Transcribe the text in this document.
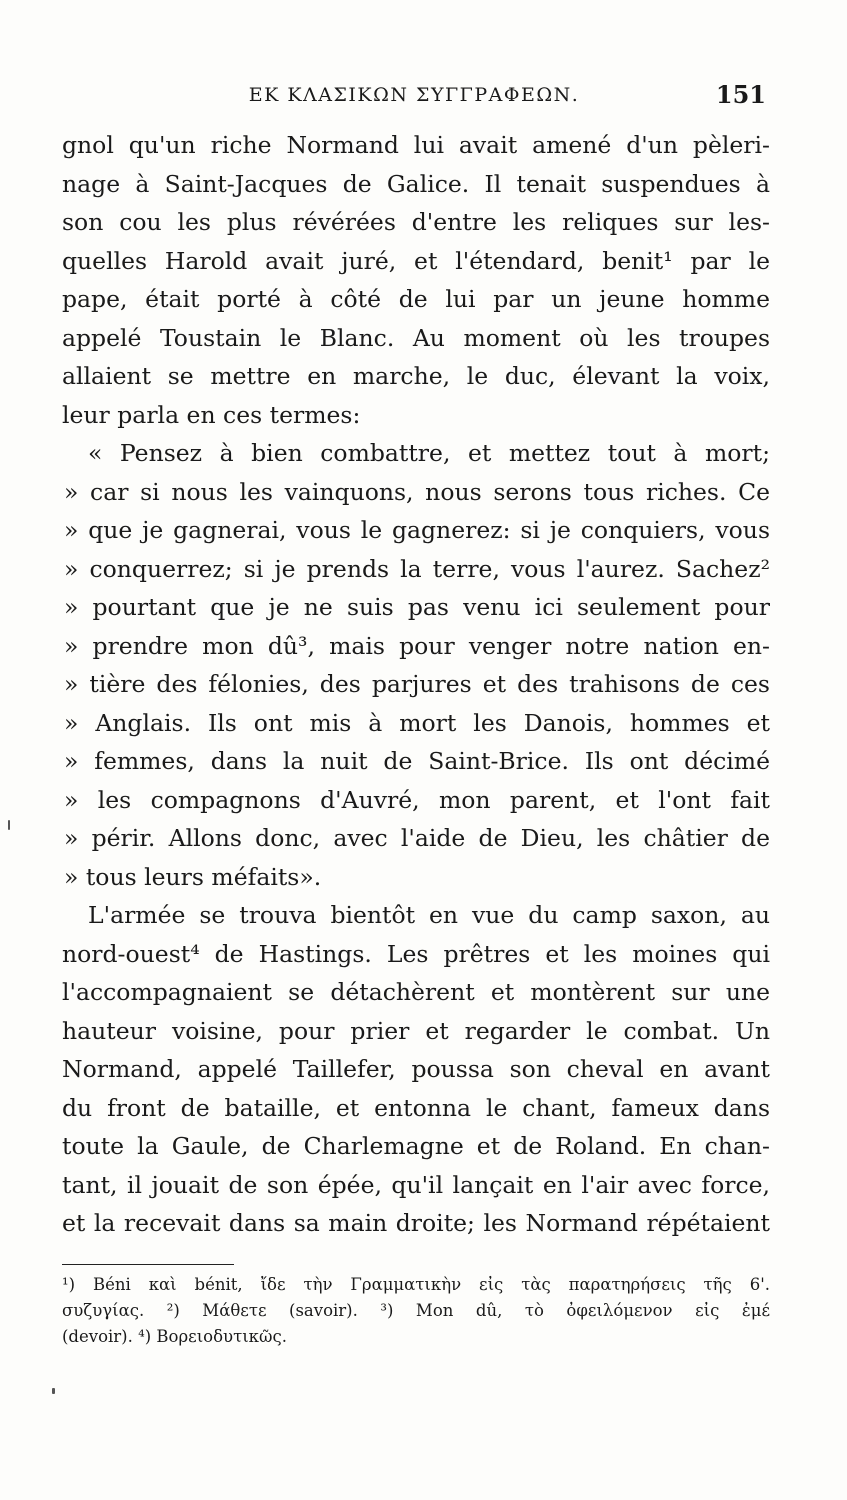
ΕΚ ΚΛΑΣΙΚΩΝ ΣΥΓΓΡΑΦΕΩΝ.	151
gnol qu'un riche Normand lui avait amené d'un pèleri-
nage à Saint-Jacques de Galice. Il tenait suspendues à
son cou les plus révérées d'entre les reliques sur les-
quelles Harold avait juré, et l'étendard, benit¹ par le
pape, était porté à côté de lui par un jeune homme
appelé Toustain le Blanc. Au moment où les troupes
allaient se mettre en marche, le duc, élevant la voix,
leur parla en ces termes:
« Pensez à bien combattre, et mettez tout à mort;
» car si nous les vainquons, nous serons tous riches. Ce
» que je gagnerai, vous le gagnerez: si je conquiers, vous
» conquerrez; si je prends la terre, vous l'aurez. Sachez²
» pourtant que je ne suis pas venu ici seulement pour
» prendre mon dû³, mais pour venger notre nation en-
» tière des félonies, des parjures et des trahisons de ces
» Anglais. Ils ont mis à mort les Danois, hommes et
» femmes, dans la nuit de Saint-Brice. Ils ont décimé
» les compagnons d'Auvré, mon parent, et l'ont fait
» périr. Allons donc, avec l'aide de Dieu, les châtier de
» tous leurs méfaits».
L'armée se trouva bientôt en vue du camp saxon, au
nord-ouest⁴ de Hastings. Les prêtres et les moines qui
l'accompagnaient se détachèrent et montèrent sur une
hauteur voisine, pour prier et regarder le combat. Un
Normand, appelé Taillefer, poussa son cheval en avant
du front de bataille, et entonna le chant, fameux dans
toute la Gaule, de Charlemagne et de Roland. En chan-
tant, il jouait de son épée, qu'il lançait en l'air avec force,
et la recevait dans sa main droite; les Normand répétaient
¹) Béni καὶ bénit, ἴδε τὴν Γραμματικὴν εἰς τὰς παρατηρήσεις τῆς 6'.
συζυγίας. ²) Μάθετε (savoir). ³) Mon dû, τὸ ὀφειλόμενον εἰς ἐμέ
(devoir). ⁴) Βορειοδυτικῶς.
